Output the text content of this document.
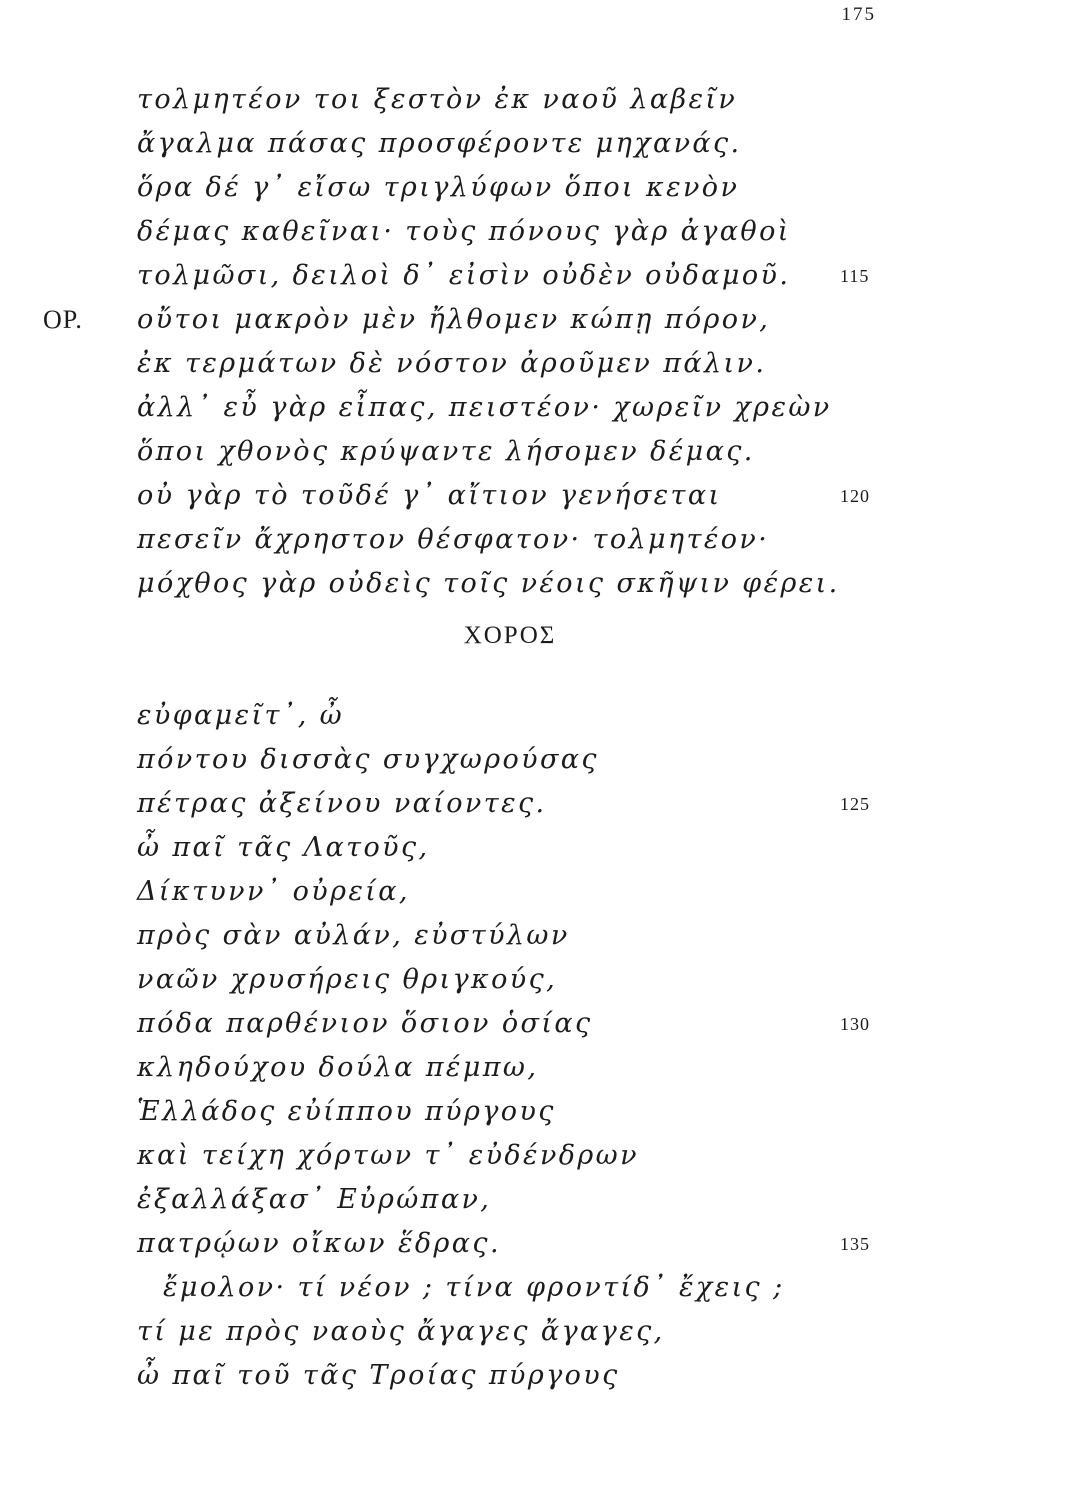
175
τολμητέον τοι ξεστὸν ἐκ ναοῦ λαβεῖν
ἄγαλμα πάσας προσφέροντε μηχανάς.
ὅρα δέ γ᾽ εἴσω τριγλύφων ὅποι κενὸν
δέμας καθεῖναι· τοὺς πόνους γὰρ ἀγαθοὶ
τολμῶσι, δειλοὶ δ᾽ εἰσὶν οὐδὲν οὐδαμοῦ.	115
ΟΡ. οὔτοι μακρὸν μὲν ἤλθομεν κώπῃ πόρον,
ἐκ τερμάτων δὲ νόστον ἀροῦμεν πάλιν.
ἀλλ᾽ εὖ γὰρ εἶπας, πειστέον· χωρεῖν χρεὼν
ὅποι χθονὸς κρύψαντε λήσομεν δέμας.
οὐ γὰρ τὸ τοῦδέ γ᾽ αἴτιον γενήσεται	120
πεσεῖν ἄχρηστον θέσφατον· τολμητέον·
μόχθος γὰρ οὐδεὶς τοῖς νέοις σκῆψιν φέρει.
ΧΟΡΟΣ
εὐφαμεῖτ᾽, ὦ
πόντου δισσὰς συγχωρούσας
πέτρας ἀξείνου ναίοντες.	125
ὦ παῖ τᾶς Λατοῦς,
Δίκτυνν᾽ οὐρεία,
πρὸς σὰν αὐλάν, εὐστύλων
ναῶν χρυσήρεις θριγκούς,
πόδα παρθένιον ὅσιον ὁσίας	130
κληδούχου δούλα πέμπω,
Ἑλλάδος εὐίππου πύργους
καὶ τείχη χόρτων τ᾽ εὐδένδρων
ἐξαλλάξασ᾽ Εὐρώπαν,
πατρῴων οἴκων ἕδρας.	135
ἔμολον· τί νέον ; τίνα φροντίδ᾽ ἔχεις ;
τί με πρὸς ναοὺς ἄγαγες ἄγαγες,
ὦ παῖ τοῦ τᾶς Τροίας πύργους
